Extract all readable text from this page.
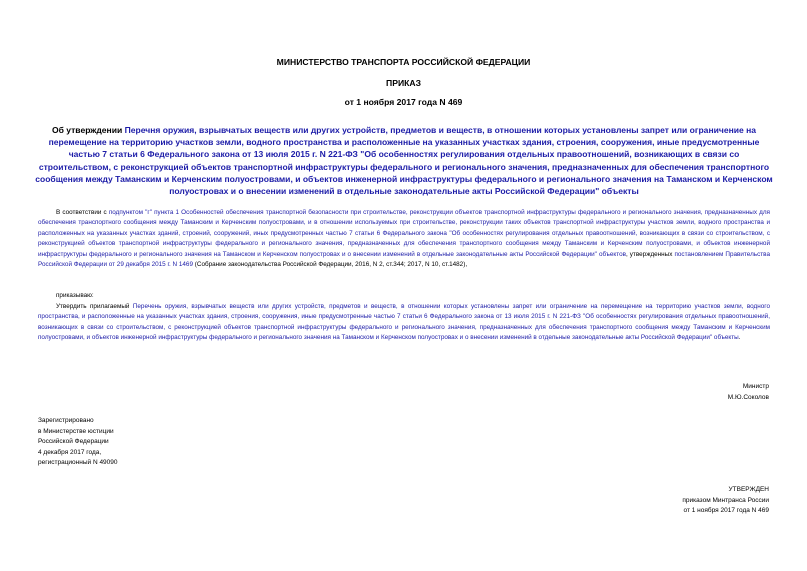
МИНИСТЕРСТВО ТРАНСПОРТА РОССИЙСКОЙ ФЕДЕРАЦИИ
ПРИКАЗ
от 1 ноября 2017 года N 469
Об утверждении Перечня оружия, взрывчатых веществ или других устройств, предметов и веществ, в отношении которых установлены запрет или ограничение на перемещение на территорию участков земли, водного пространства и расположенные на указанных участках здания, строения, сооружения, иные предусмотренные частью 7 статьи 6 Федерального закона от 13 июля 2015 г. N 221-ФЗ "Об особенностях регулирования отдельных правоотношений, возникающих в связи со строительством, с реконструкцией объектов транспортной инфраструктуры федерального и регионального значения, предназначенных для обеспечения транспортного сообщения между Таманским и Керченским полуостровами, и объектов инженерной инфраструктуры федерального и регионального значения на Таманском и Керченском полуостровах и о внесении изменений в отдельные законодательные акты Российской Федерации" объекты
В соответствии с подпунктом "г" пункта 1 Особенностей обеспечения транспортной безопасности при строительстве, реконструкции объектов транспортной инфраструктуры федерального и регионального значения, предназначенных для обеспечения транспортного сообщения между Таманским и Керченским полуостровами, и в отношении используемых при строительстве, реконструкции таких объектов транспортной инфраструктуры участков земли, водного пространства и расположенных на указанных участках зданий, строений, сооружений, иных предусмотренных частью 7 статьи 6 Федерального закона "Об особенностях регулирования отдельных правоотношений, возникающих в связи со строительством, с реконструкцией объектов транспортной инфраструктуры федерального и регионального значения, предназначенных для обеспечения транспортного сообщения между Таманским и Керченским полуостровами, и объектов инженерной инфраструктуры федерального и регионального значения на Таманском и Керченском полуостровах и о внесении изменений в отдельные законодательные акты Российской Федерации" объектов, утвержденных постановлением Правительства Российской Федерации от 29 декабря 2015 г. N 1469 (Собрание законодательства Российской Федерации, 2016, N 2, ст.344; 2017, N 10, ст.1482),
приказываю:
Утвердить прилагаемый Перечень оружия, взрывчатых веществ или других устройств, предметов и веществ, в отношении которых установлены запрет или ограничение на перемещение на территорию участков земли, водного пространства, и расположенные на указанных участках здания, строения, сооружения, иные предусмотренные частью 7 статьи 6 Федерального закона от 13 июля 2015 г. N 221-ФЗ "Об особенностях регулирования отдельных правоотношений, возникающих в связи со строительством, с реконструкцией объектов транспортной инфраструктуры федерального и регионального значения, предназначенных для обеспечения транспортного сообщения между Таманским и Керченским полуостровами, и объектов инженерной инфраструктуры федерального и регионального значения на Таманском и Керченском полуостровах и о внесении изменений в отдельные законодательные акты Российской Федерации" объекты.
Министр
М.Ю.Соколов
Зарегистрировано
в Министерстве юстиции
Российской Федерации
4 декабря 2017 года,
регистрационный N 49090
УТВЕРЖДЕН
приказом Минтранса России
от 1 ноября 2017 года N 469
